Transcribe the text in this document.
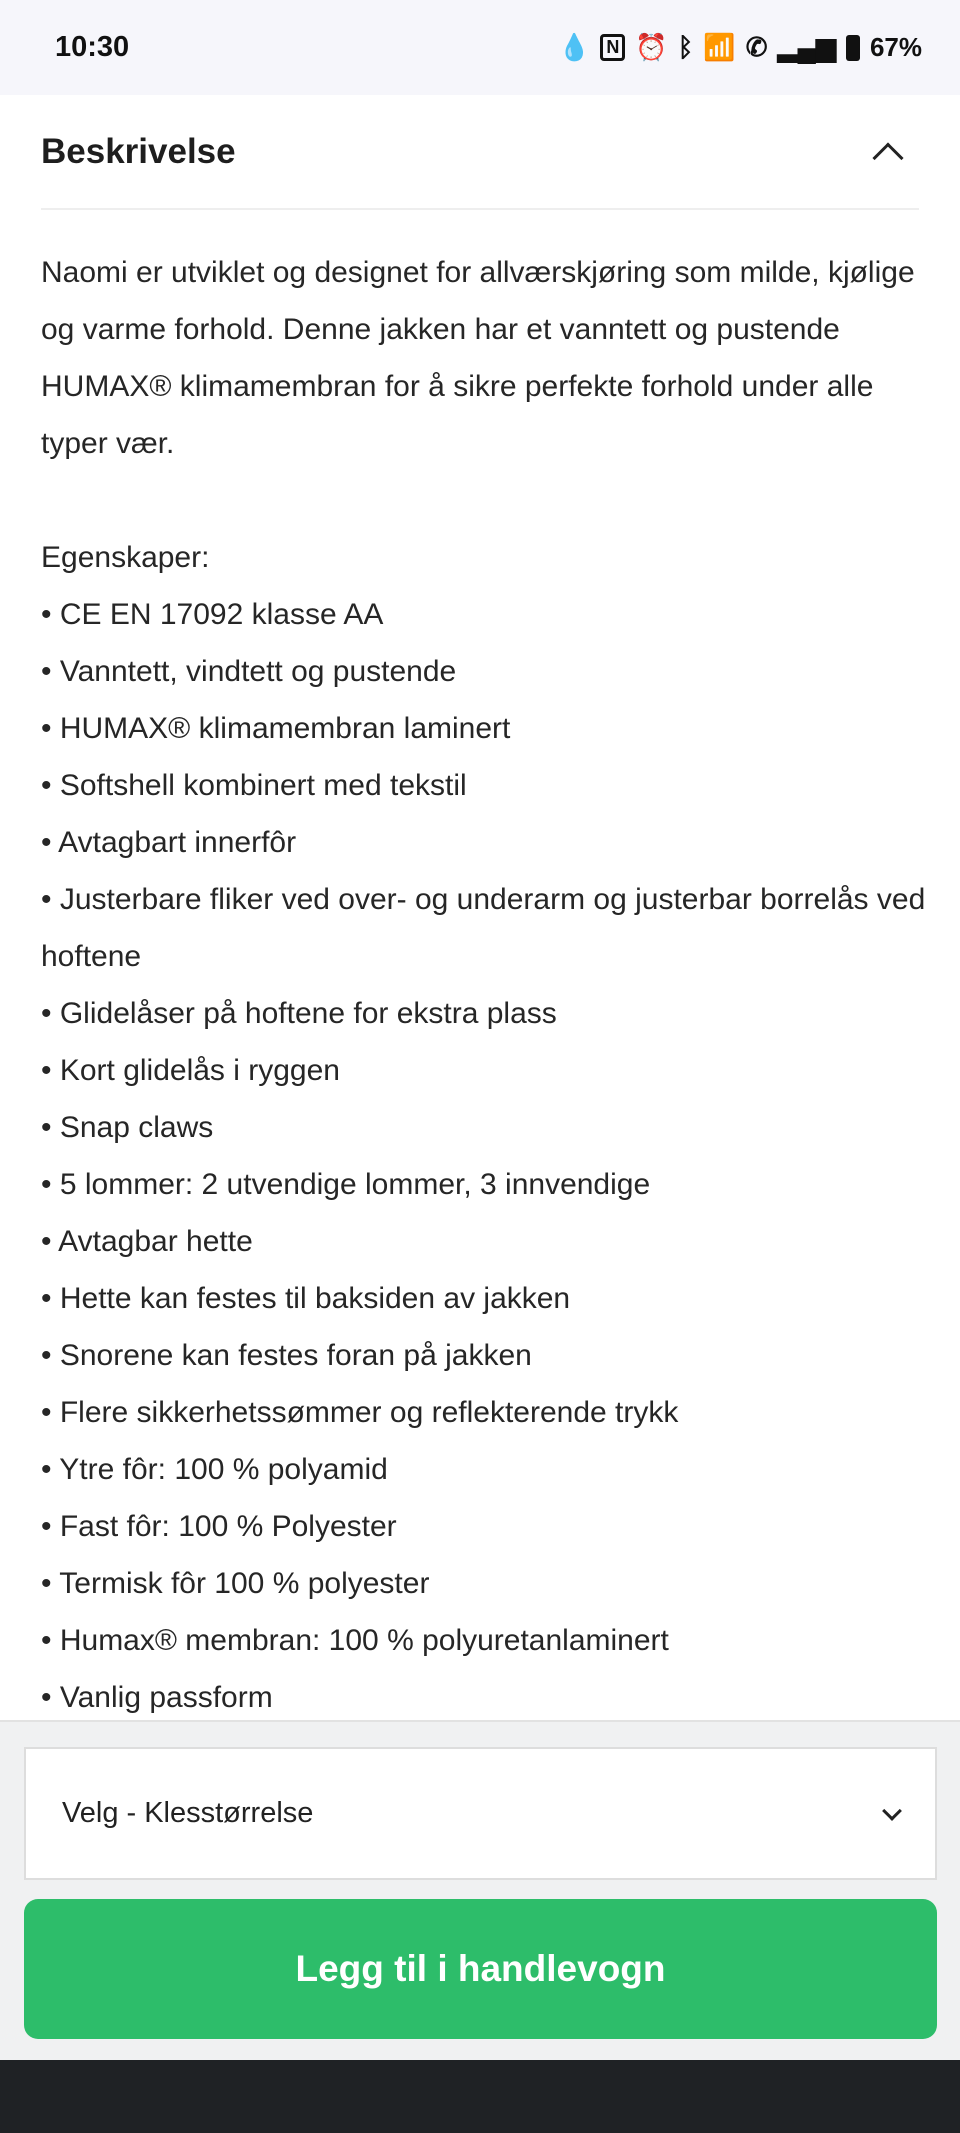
10:30	💧 N ⏰ ᛒ 📶 ✆ ▂▄▆ 67%
Beskrivelse

Naomi er utviklet og designet for allværskjøring som milde, kjølige og varme forhold. Denne jakken har et vanntett og pustende HUMAX® klimamembran for å sikre perfekte forhold under alle typer vær.

Egenskaper:
• CE EN 17092 klasse AA
• Vanntett, vindtett og pustende
• HUMAX® klimamembran laminert
• Softshell kombinert med tekstil
• Avtagbart innerfôr
• Justerbare fliker ved over- og underarm og justerbar borrelås ved hoftene
• Glidelåser på hoftene for ekstra plass
• Kort glidelås i ryggen
• Snap claws
• 5 lommer: 2 utvendige lommer, 3 innvendige
• Avtagbar hette
• Hette kan festes til baksiden av jakken
• Snorene kan festes foran på jakken
• Flere sikkerhetssømmer og reflekterende trykk
• Ytre fôr: 100 % polyamid
• Fast fôr: 100 % Polyester
• Termisk fôr 100 % polyester
• Humax® membran: 100 % polyuretanlaminert
• Vanlig passform
Velg - Klesstørrelse
Legg til i handlevogn
